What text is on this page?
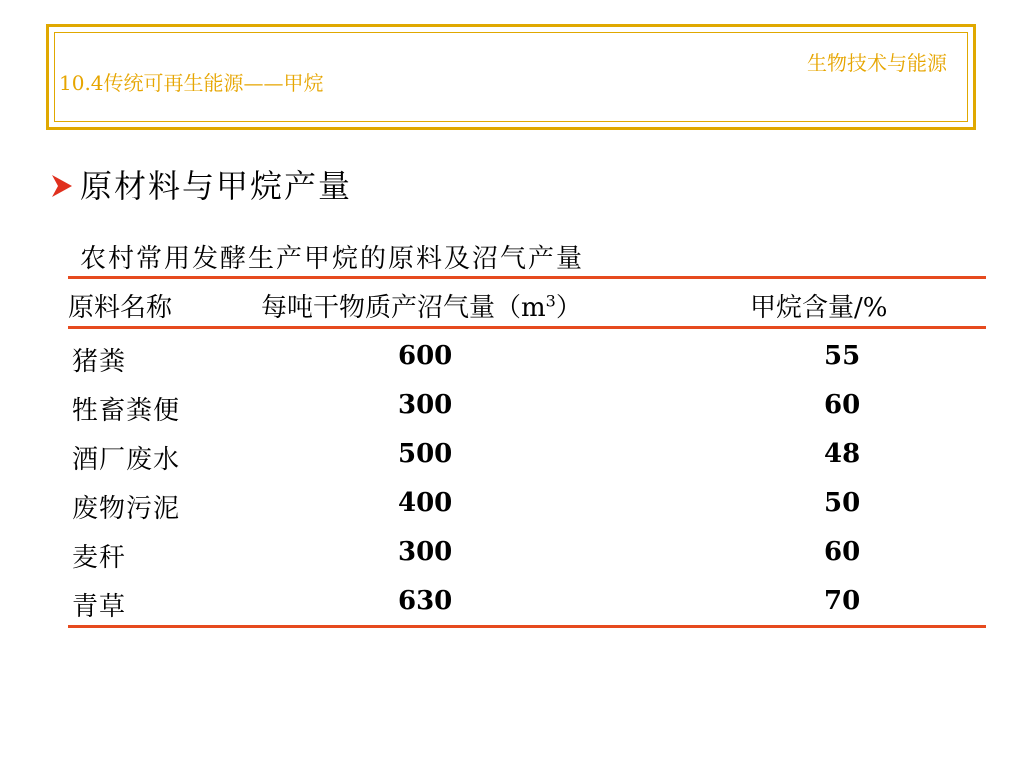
生物技术与能源
10.4传统可再生能源——甲烷
原材料与甲烷产量
农村常用发酵生产甲烷的原料及沼气产量
原料名称	每吨干物质产沼气量$(m^3)$	甲烷含量/%
猪粪	600	55
牲畜粪便	300	60
酒厂废水	500	48
废物污泥	400	50
麦秆	300	60
青草	630	70
